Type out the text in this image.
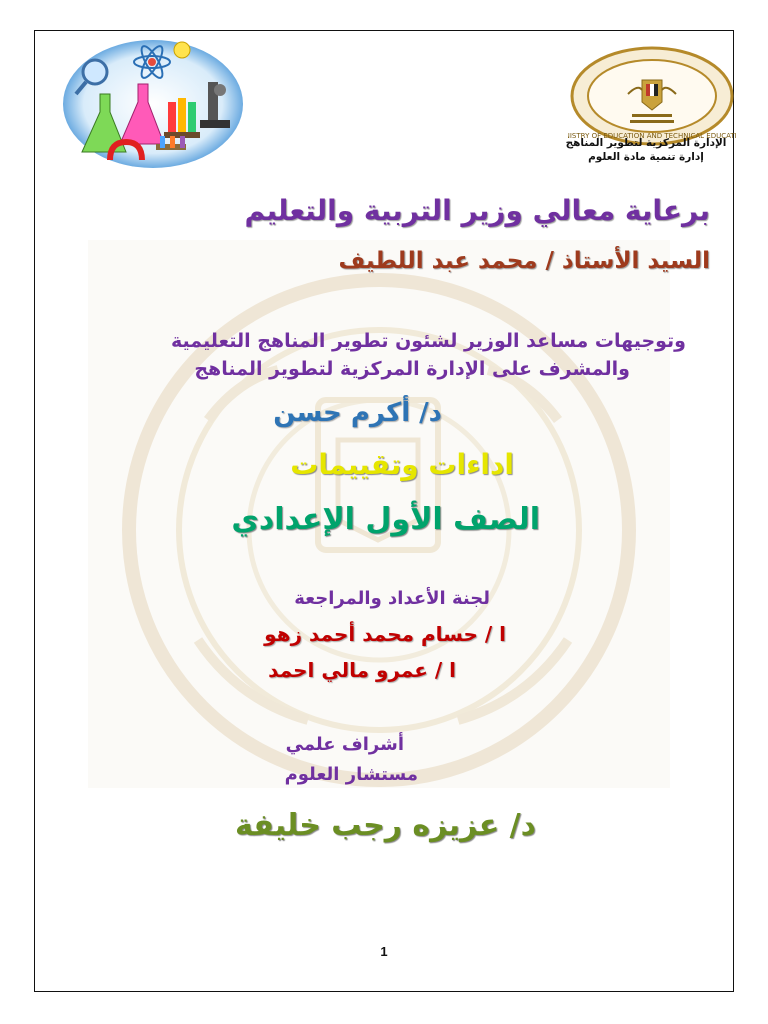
ISTRY OF EDUCATION AND TECHNICAL EDUCAT
الإدارة المركزية لتطوير المناهج
إدارة تنمية مادة العلوم
برعاية معالي وزير التربية والتعليم
السيد الأستاذ / محمد عبد اللطيف
وتوجيهات مساعد الوزير لشئون تطوير المناهج التعليمية
والمشرف على الإدارة المركزية لتطوير المناهج
د/ أكرم حسن
اداءات وتقييمات
الصف الأول الإعدادي
لجنة الأعداد والمراجعة
ا / حسام محمد أحمد زهو
ا / عمرو مالي احمد
أشراف علمي
مستشار العلوم
د/ عزيزه رجب خليفة
1
